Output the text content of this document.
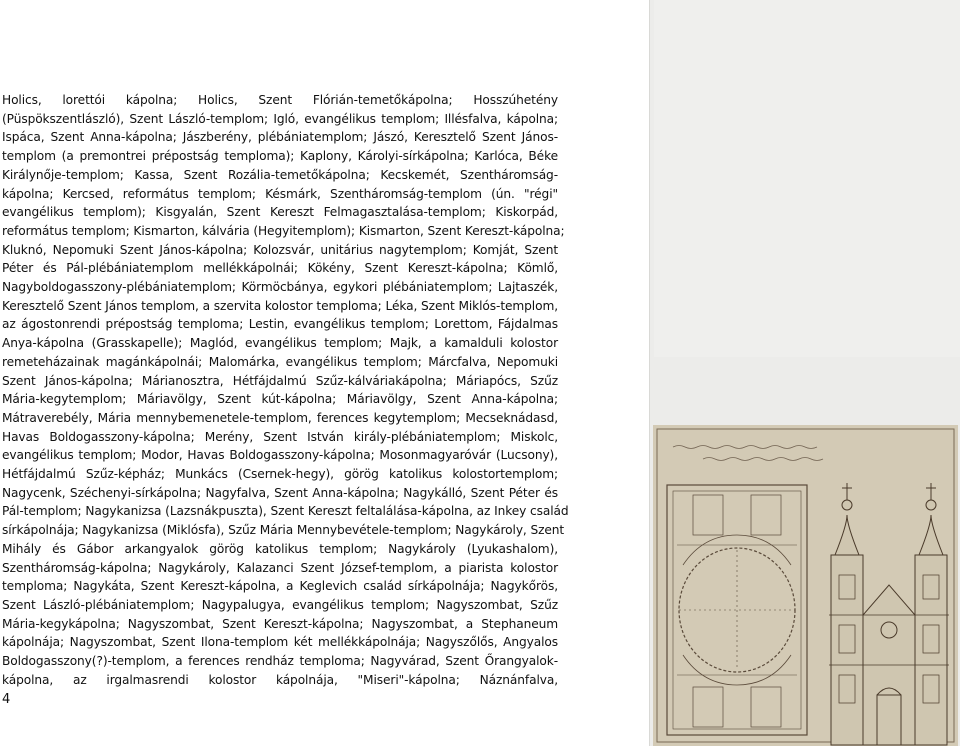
Holics, lorettói kápolna; Holics, Szent Flórián-temetőkápolna; Hosszúhetény
(Püspökszentlászló), Szent László-templom; Igló, evangélikus templom; Illésfalva, kápolna;
Ispáca, Szent Anna-kápolna; Jászberény, plébániatemplom; Jászó, Keresztelő Szent János-
templom (a premontrei prépostság temploma); Kaplony, Károlyi-sírkápolna; Karlóca, Béke
Királynője-templom; Kassa, Szent Rozália-temetőkápolna; Kecskemét, Szentháromság-
kápolna; Kercsed, református templom; Késmárk, Szentháromság-templom (ún. "régi"
evangélikus templom); Kisgyalán, Szent Kereszt Felmagasztalása-templom; Kiskorpád,
református templom; Kismarton, kálvária (Hegyitemplom); Kismarton, Szent Kereszt-kápolna;
Kluknó, Nepomuki Szent János-kápolna; Kolozsvár, unitárius nagytemplom; Komját, Szent
Péter és Pál-plébániatemplom mellékkápolnái; Kökény, Szent Kereszt-kápolna; Kömlő,
Nagyboldogasszony-plébániatemplom; Körmöcbánya, egykori plébániatemplom; Lajtaszék,
Keresztelő Szent János templom, a szervita kolostor temploma; Léka, Szent Miklós-templom,
az ágostonrendi prépostság temploma; Lestin, evangélikus templom; Lorettom, Fájdalmas
Anya-kápolna (Grasskapelle); Maglód, evangélikus templom; Majk, a kamalduli kolostor
remeteházainak magánkápolnái; Malomárka, evangélikus templom; Márcfalva, Nepomuki
Szent János-kápolna; Márianosztra, Hétfájdalmú Szűz-kálváriakápolna; Máriapócs, Szűz
Mária-kegytemplom; Máriavölgy, Szent kút-kápolna; Máriavölgy, Szent Anna-kápolna;
Mátraverebély, Mária mennybemenetele-templom, ferences kegytemplom; Mecseknádasd,
Havas Boldogasszony-kápolna; Merény, Szent István király-plébániatemplom; Miskolc,
evangélikus templom; Modor, Havas Boldogasszony-kápolna; Mosonmagyaróvár (Lucsony),
Hétfájdalmú Szűz-képház; Munkács (Csernek-hegy), görög katolikus kolostortemplom;
Nagycenk, Széchenyi-sírkápolna; Nagyfalva, Szent Anna-kápolna; Nagykálló, Szent Péter és
Pál-templom; Nagykanizsa (Lazsnákpuszta), Szent Kereszt feltalálása-kápolna, az Inkey család
sírkápolnája; Nagykanizsa (Miklósfa), Szűz Mária Mennybevétele-templom; Nagykároly, Szent
Mihály és Gábor arkangyalok görög katolikus templom; Nagykároly (Lyukashalom),
Szentháromság-kápolna; Nagykároly, Kalazanci Szent József-templom, a piarista kolostor
temploma; Nagykáta, Szent Kereszt-kápolna, a Keglevich család sírkápolnája; Nagykőrös,
Szent László-plébániatemplom; Nagypalugya, evangélikus templom; Nagyszombat, Szűz
Mária-kegykápolna; Nagyszombat, Szent Kereszt-kápolna; Nagyszombat, a Stephaneum
kápolnája; Nagyszombat, Szent Ilona-templom két mellékkápolnája; Nagyszőlős, Angyalos
Boldogasszony(?)-templom, a ferences rendház temploma; Nagyvárad, Szent Őrangyalok-
kápolna, az irgalmasrendi kolostor kápolnája, "Miseri"-kápolna; Náznánfalva,
4
